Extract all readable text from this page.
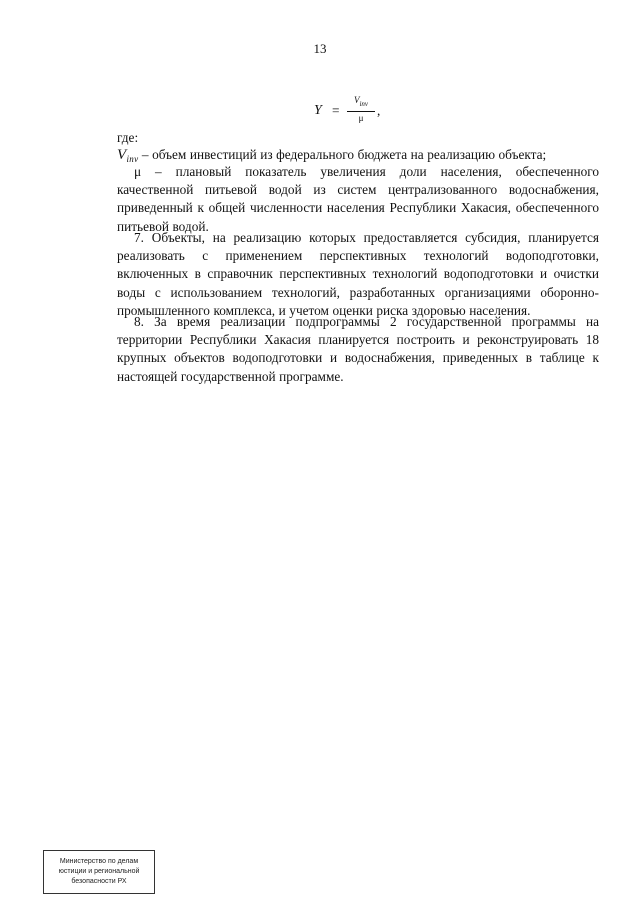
13
Y =
$V_{inv}$
μ	,

где:

$V_{inv}$ – объем инвестиций из федерального бюджета на реализацию объекта;

μ – плановый показатель увеличения доли населения, обеспеченного качественной питьевой водой из систем централизованного водоснабжения, приведенный к общей численности населения Республики Хакасия, обеспеченного питьевой водой.

7. Объекты, на реализацию которых предоставляется субсидия, планируется реализовать с применением перспективных технологий водоподготовки, включенных в справочник перспективных технологий водоподготовки и очистки воды с использованием технологий, разработанных организациями оборонно-промышленного комплекса, и учетом оценки риска здоровью населения.

8. За время реализации подпрограммы 2 государственной программы на территории Республики Хакасия планируется построить и реконструировать 18 крупных объектов водоподготовки и водоснабжения, приведенных в таблице к настоящей государственной программе.

Министерство по делам
юстиции и региональной
безопасности РХ
